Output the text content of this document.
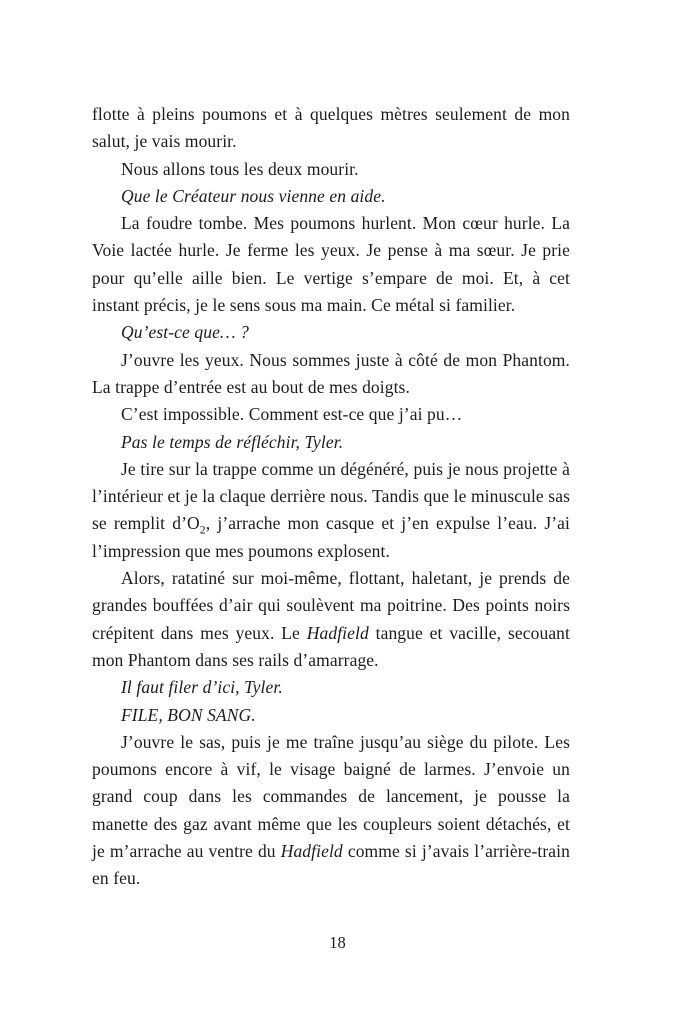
flotte à pleins poumons et à quelques mètres seulement de mon salut, je vais mourir.

Nous allons tous les deux mourir.

Que le Créateur nous vienne en aide.

La foudre tombe. Mes poumons hurlent. Mon cœur hurle. La Voie lactée hurle. Je ferme les yeux. Je pense à ma sœur. Je prie pour qu’elle aille bien. Le vertige s’empare de moi. Et, à cet instant précis, je le sens sous ma main. Ce métal si familier.

Qu’est-ce que… ?

J’ouvre les yeux. Nous sommes juste à côté de mon Phantom. La trappe d’entrée est au bout de mes doigts.

C’est impossible. Comment est-ce que j’ai pu…

Pas le temps de réfléchir, Tyler.

Je tire sur la trappe comme un dégénéré, puis je nous projette à l’intérieur et je la claque derrière nous. Tandis que le minuscule sas se remplit $d’O_2$, j’arrache mon casque et j’en expulse l’eau. J’ai l’impression que mes poumons explosent.

Alors, ratatiné sur moi-même, flottant, haletant, je prends de grandes bouffées d’air qui soulèvent ma poitrine. Des points noirs crépitent dans mes yeux. Le Hadfield tangue et vacille, secouant mon Phantom dans ses rails d’amarrage.

Il faut filer d’ici, Tyler.

FILE, BON SANG.

J’ouvre le sas, puis je me traîne jusqu’au siège du pilote. Les poumons encore à vif, le visage baigné de larmes. J’envoie un grand coup dans les commandes de lancement, je pousse la manette des gaz avant même que les coupleurs soient détachés, et je m’arrache au ventre du Hadfield comme si j’avais l’arrière-train en feu.

18
